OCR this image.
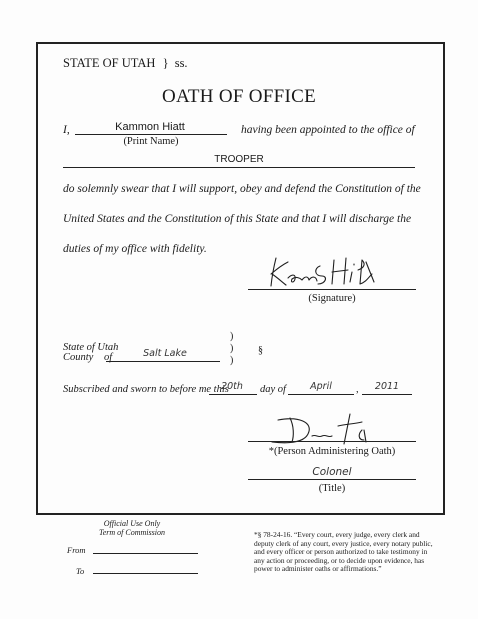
STATE OF UTAH } ss.
OATH OF OFFICE
I,	Kammon Hiatt
(Print Name)
having been appointed to the office of
TROOPER
do solemnly swear that I will support, obey and defend the Constitution of the
United States and the Constitution of this State and that I will discharge the
duties of my office with fidelity.
(Signature)
State of Utah
County of	Salt Lake
)
)
)
§
Subscribed and sworn to before me this
20th	day of	April	,	2011
*(Person Administering Oath)
Colonel
(Title)
Official Use Only
Term of Commission
From
To
*§ 78-24-16. “Every court, every judge, every clerk and
deputy clerk of any court, every justice, every notary public,
and every officer or person authorized to take testimony in
any action or proceeding, or to decide upon evidence, has
power to administer oaths or affirmations.”
